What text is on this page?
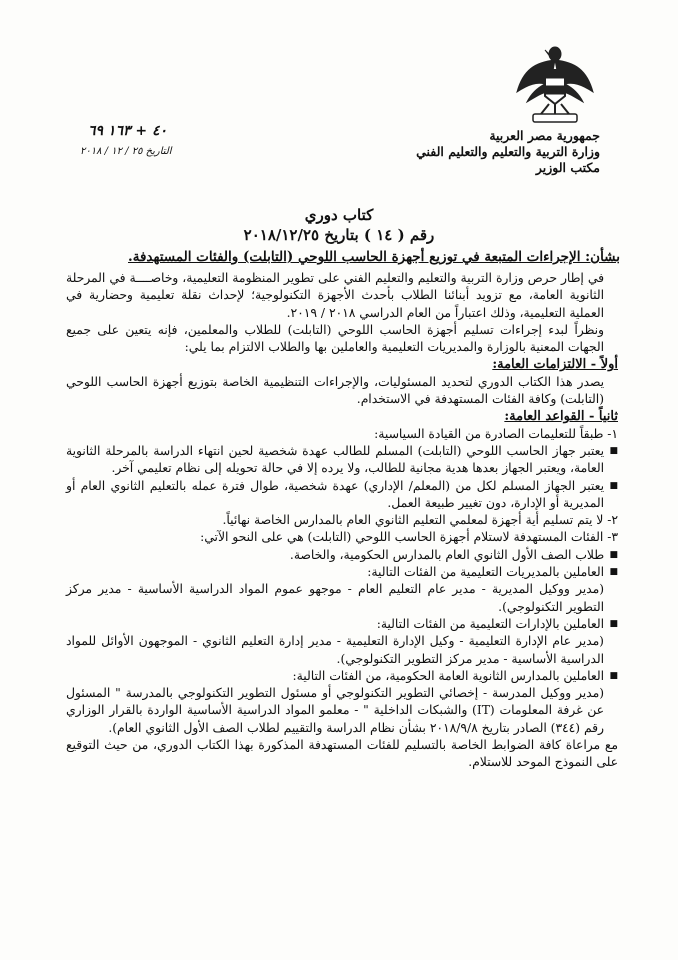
جمهورية مصر العربية
وزارة التربية والتعليم والتعليم الفني
مكتب الوزير
٤٠ + ١٦٣ ٦٩
التاريخ ٢٥ / ١٢ / ٢٠١٨
كتاب دوري
رقم ( ١٤ ) بتاريخ ٢٠١٨/١٢/٢٥
بشأن: الإجراءات المتبعة في توزيع أجهزة الحاسب اللوحي (التابلت) والفئات المستهدفة.

في إطار حرص وزارة التربية والتعليم والتعليم الفني على تطوير المنظومة التعليمية، وخاصــــة في المرحلة الثانوية العامة، مع تزويد أبنائنا الطلاب بأحدث الأجهزة التكنولوجية؛ لإحداث نقلة تعليمية وحضارية في العملية التعليمية، وذلك اعتباراً من العام الدراسي ٢٠١٨ / ٢٠١٩.

ونظراً لبدء إجراءات تسليم أجهزة الحاسب اللوحي (التابلت) للطلاب والمعلمين، فإنه يتعين على جميع الجهات المعنية بالوزارة والمديريات التعليمية والعاملين بها والطلاب الالتزام بما يلي:

أولاً - الالتزامات العامة:

يصدر هذا الكتاب الدوري لتحديد المسئوليات، والإجراءات التنظيمية الخاصة بتوزيع أجهزة الحاسب اللوحي (التابلت) وكافة الفئات المستهدفة في الاستخدام.

ثانياً - القواعد العامة:

١- طبقاً للتعليمات الصادرة من القيادة السياسية:

■ يعتبر جهاز الحاسب اللوحي (التابلت) المسلم للطالب عهدة شخصية لحين انتهاء الدراسة بالمرحلة الثانوية العامة، ويعتبر الجهاز بعدها هدية مجانية للطالب، ولا يرده إلا في حالة تحويله إلى نظام تعليمي آخر.

■ يعتبر الجهاز المسلم لكل من (المعلم/ الإداري) عهدة شخصية، طوال فترة عمله بالتعليم الثانوي العام أو المديرية أو الإدارة، دون تغيير طبيعة العمل.

٢- لا يتم تسليم أية أجهزة لمعلمي التعليم الثانوي العام بالمدارس الخاصة نهائياً.

٣- الفئات المستهدفة لاستلام أجهزة الحاسب اللوحي (التابلت) هي على النحو الآتي:

■ طلاب الصف الأول الثانوي العام بالمدارس الحكومية، والخاصة.

■ العاملين بالمديريات التعليمية من الفئات التالية:

(مدير ووكيل المديرية - مدير عام التعليم العام - موجهو عموم المواد الدراسية الأساسية - مدير مركز التطوير التكنولوجي).

■ العاملين بالإدارات التعليمية من الفئات التالية:

(مدير عام الإدارة التعليمية - وكيل الإدارة التعليمية - مدير إدارة التعليم الثانوي - الموجهون الأوائل للمواد الدراسية الأساسية - مدير مركز التطوير التكنولوجي).

■ العاملين بالمدارس الثانوية العامة الحكومية، من الفئات التالية:

(مدير ووكيل المدرسة - إخصائي التطوير التكنولوجي أو مسئول التطوير التكنولوجي بالمدرسة " المسئول عن غرفة المعلومات (IT) والشبكات الداخلية " - معلمو المواد الدراسية الأساسية الواردة بالقرار الوزاري رقم (٣٤٤) الصادر بتاريخ ٢٠١٨/٩/٨ بشأن نظام الدراسة والتقييم لطلاب الصف الأول الثانوي العام).

مع مراعاة كافة الضوابط الخاصة بالتسليم للفئات المستهدفة المذكورة بهذا الكتاب الدوري، من حيث التوقيع على النموذج الموحد للاستلام.
